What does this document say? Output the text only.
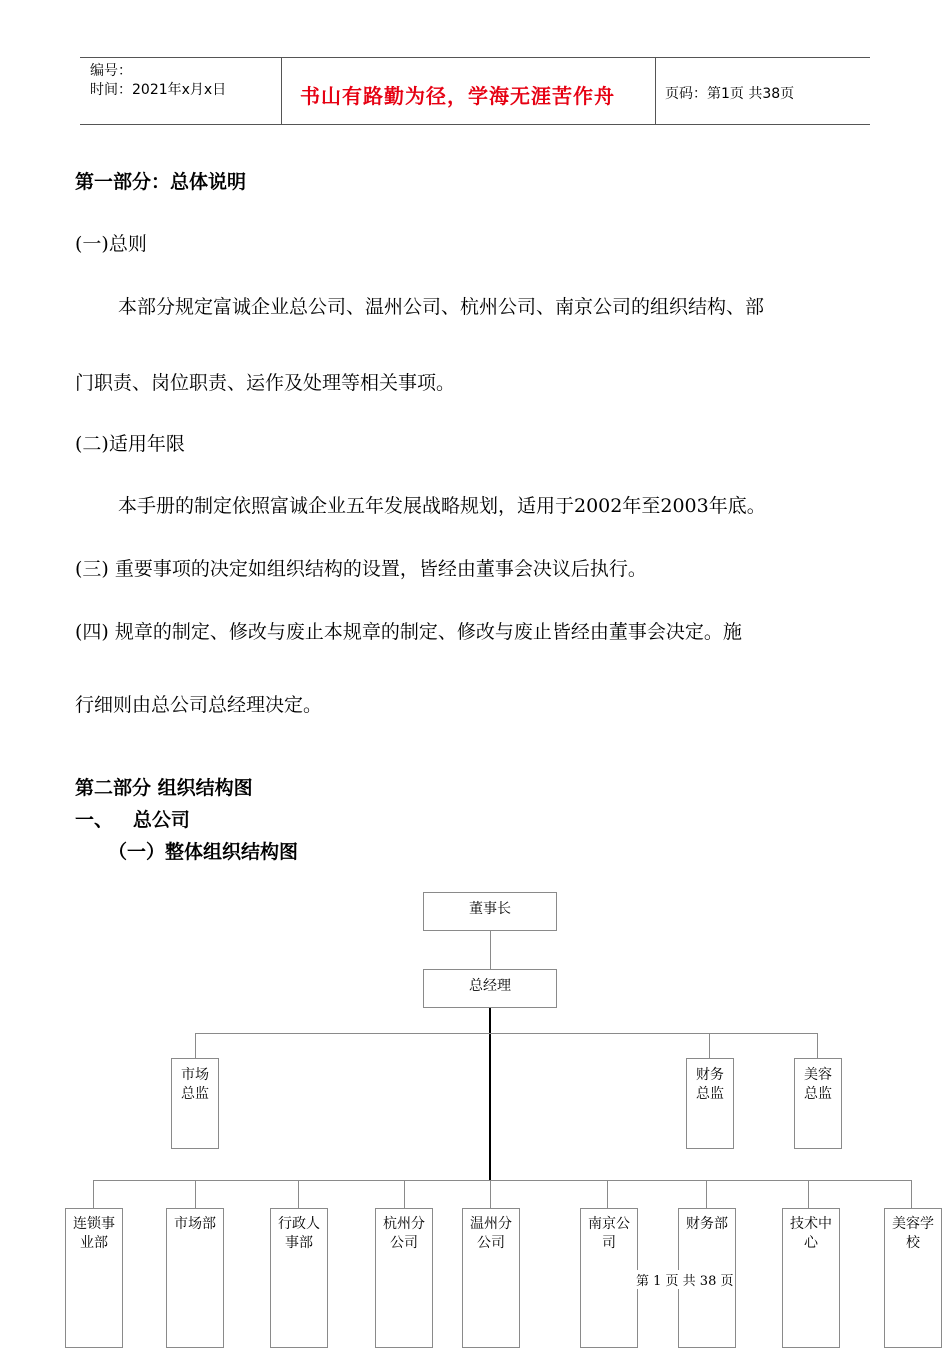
编号：
时间：2021年x月x日	书山有路勤为径，学海无涯苦作舟	页码：第1页 共38页
第一部分：总体说明
(一)总则
本部分规定富诚企业总公司、温州公司、杭州公司、南京公司的组织结构、部
门职责、岗位职责、运作及处理等相关事项。
(二)适用年限
本手册的制定依照富诚企业五年发展战略规划，适用于2002年至2003年底。
(三) 重要事项的决定如组织结构的设置，皆经由董事会决议后执行。
(四) 规章的制定、修改与废止本规章的制定、修改与废止皆经由董事会决定。施
行细则由总公司总经理决定。
第二部分 组织结构图
一、   总公司
（一）整体组织结构图
董事长
总经理
市场
总监
财务
总监
美容
总监
连锁事
业部
市场部	行政人
事部
杭州分
公司
温州分
公司
南京公
司
财务部	技术中
心
美容学
校
第 1 页 共 38 页
